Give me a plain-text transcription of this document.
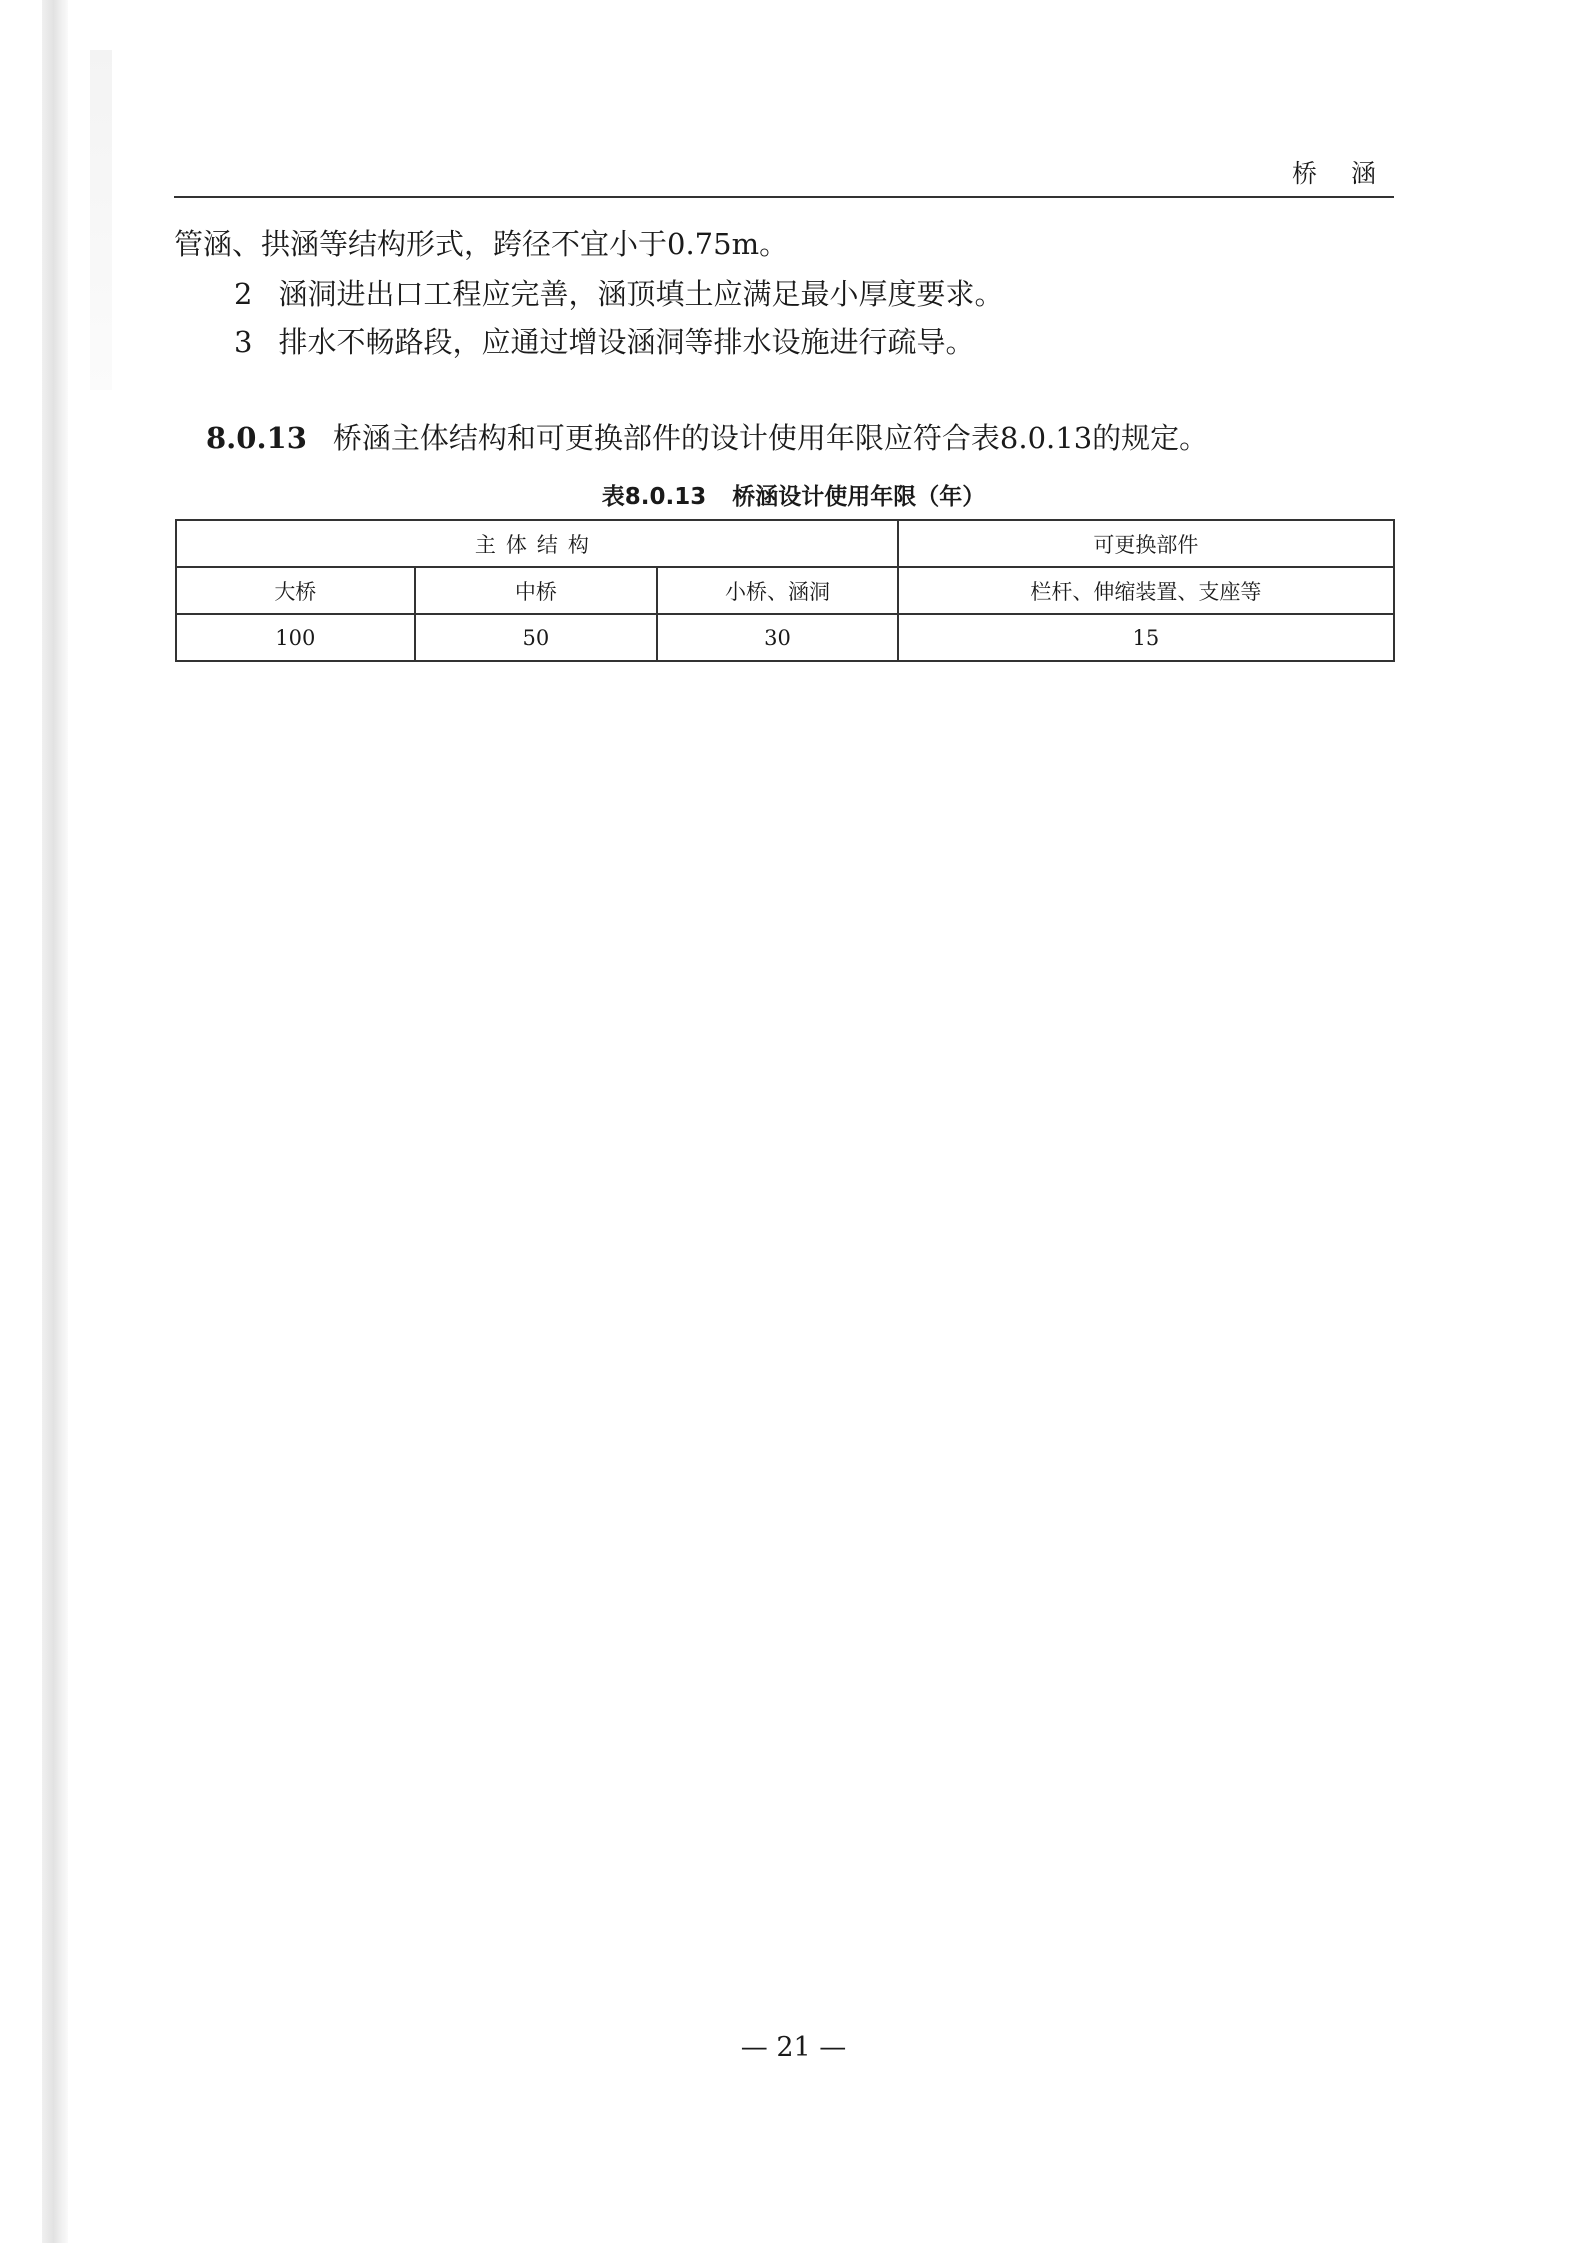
桥涵
管涵、拱涵等结构形式，跨径不宜小于0.75m。
2 涵洞进出口工程应完善，涵顶填土应满足最小厚度要求。
3 排水不畅路段，应通过增设涵洞等排水设施进行疏导。
8.0.13 桥涵主体结构和可更换部件的设计使用年限应符合表8.0.13的规定。
表8.0.13 桥涵设计使用年限（年）
主体结构			可更换部件
大桥	中桥	小桥、涵洞	栏杆、伸缩装置、支座等
100	50	30	15
— 21 —
